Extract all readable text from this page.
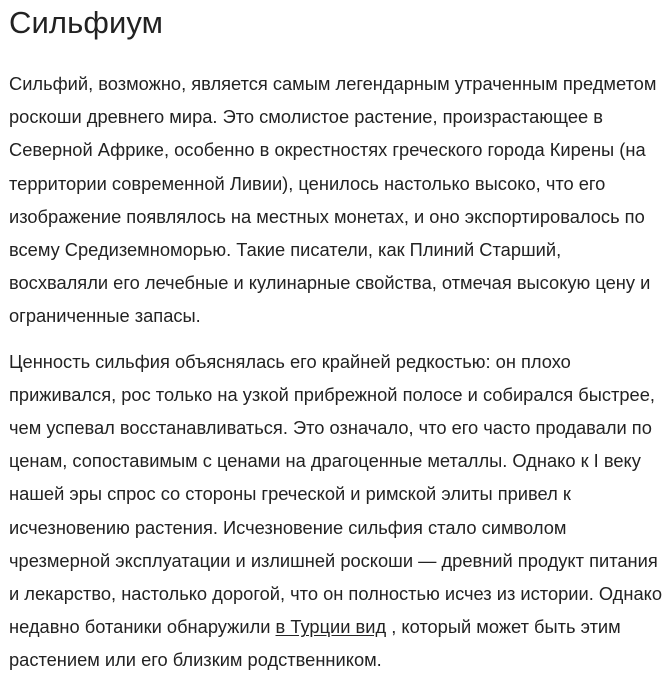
Сильфиум

Сильфий, возможно, является самым легендарным утраченным предметом роскоши древнего мира. Это смолистое растение, произрастающее в Северной Африке, особенно в окрестностях греческого города Кирены (на территории современной Ливии), ценилось настолько высоко, что его изображение появлялось на местных монетах, и оно экспортировалось по всему Средиземноморью. Такие писатели, как Плиний Старший, восхваляли его лечебные и кулинарные свойства, отмечая высокую цену и ограниченные запасы.

Ценность сильфия объяснялась его крайней редкостью: он плохо приживался, рос только на узкой прибрежной полосе и собирался быстрее, чем успевал восстанавливаться. Это означало, что его часто продавали по ценам, сопоставимым с ценами на драгоценные металлы. Однако к I веку нашей эры спрос со стороны греческой и римской элиты привел к исчезновению растения. Исчезновение сильфия стало символом чрезмерной эксплуатации и излишней роскоши — древний продукт питания и лекарство, настолько дорогой, что он полностью исчез из истории. Однако недавно ботаники обнаружили в Турции вид , который может быть этим растением или его близким родственником.
